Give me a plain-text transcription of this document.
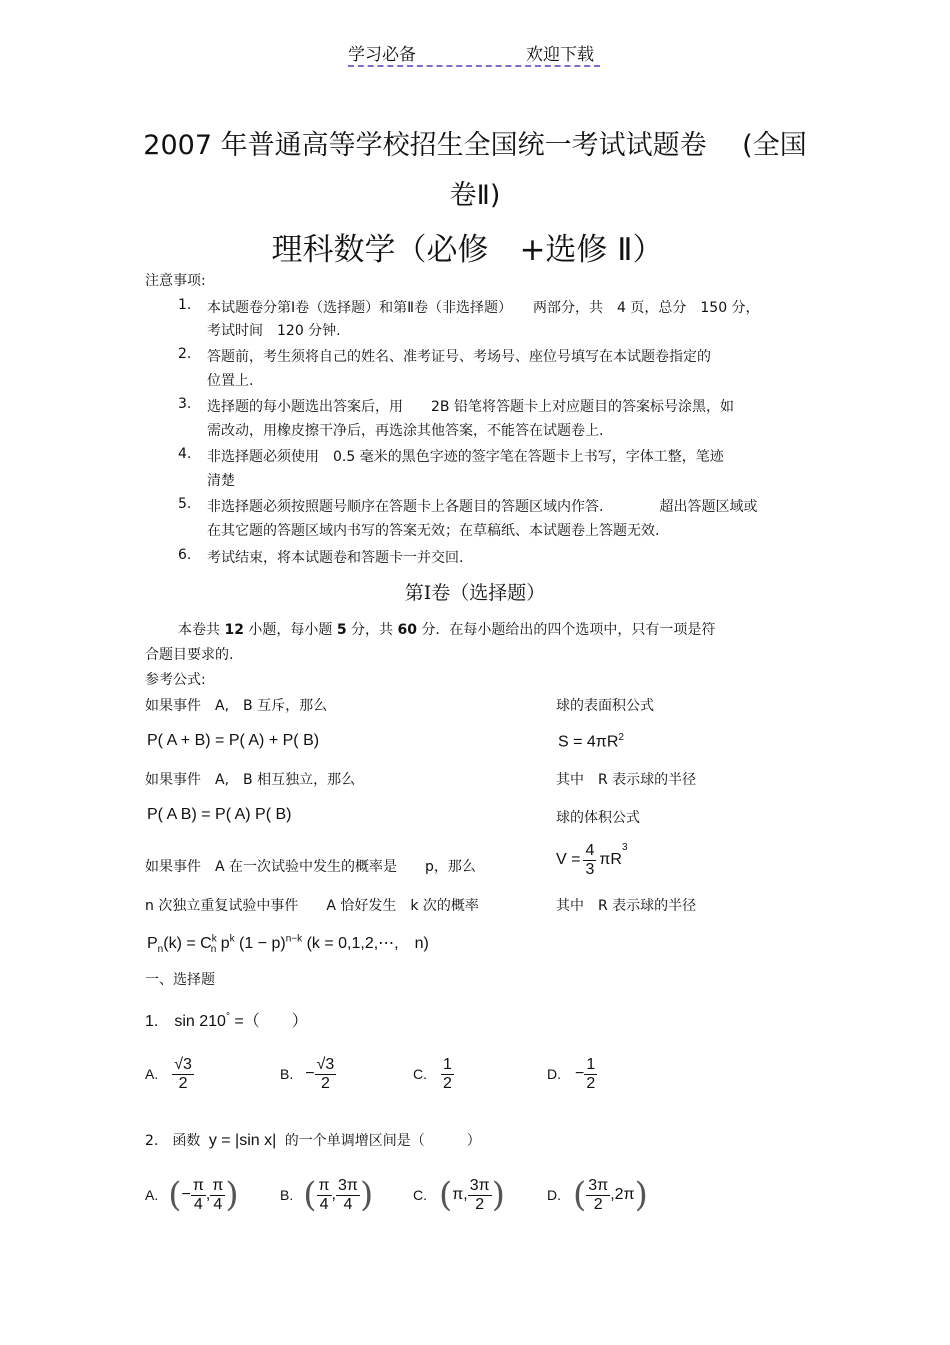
学习必备	欢迎下载
2007 年普通高等学校招生全国统一考试试题卷　 (全国
卷Ⅱ)
理科数学（必修　+选修 Ⅱ）
注意事项:
1. 本试题卷分第Ⅰ卷（选择题）和第Ⅱ卷（非选择题）　　两部分，共　4 页，总分　150 分，
考试时间　120 分钟.
2. 答题前，考生须将自己的姓名、准考证号、考场号、座位号填写在本试题卷指定的
位置上.
3. 选择题的每小题选出答案后，用　　2B 铅笔将答题卡上对应题目的答案标号涂黑，如
需改动，用橡皮擦干净后，再选涂其他答案，不能答在试题卷上.
4. 非选择题必须使用　0.5 毫米的黑色字迹的签字笔在答题卡上书写，字体工整，笔迹
清楚
5. 非选择题必须按照题号顺序在答题卡上各题目的答题区域内作答.　　　　超出答题区域或
在其它题的答题区域内书写的答案无效；在草稿纸、本试题卷上答题无效.
6. 考试结束，将本试题卷和答题卡一并交回.
第Ⅰ卷（选择题）
本卷共 12 小题，每小题 5 分，共 60 分．在每小题给出的四个选项中，只有一项是符
合题目要求的.
参考公式:
如果事件　A,　B 互斥，那么	球的表面积公式
P( A + B) = P( A) + P( B)	$S = 4\pi R^2$
如果事件　A,　B 相互独立，那么	其中　R 表示球的半径
P( A B) = P( A) P( B)	球的体积公式
如果事件　A 在一次试验中发生的概率是　　p，那么	$V = \frac{4}{3}$ πR
$^3$
n 次独立重复试验中事件　　A 恰好发生　k 次的概率	其中　R 表示球的半径
$P_n(k) = C^k_n$ $p^k$ $(1 - p)^{n-k}$ (k = 0,1,2,⋯,　n)
一、选择题
1.　sin 210° =（　　）
A. $\frac{√3}{2}$	B. − $\frac{√3}{2}$	C. $\frac{1}{2}$	D. − $\frac{1}{2}$
2.　函数 y = |sin x| 的一个单调增区间是（　　　）
A. ( − $\frac{\pi}{4}$ , $\frac{\pi}{4}$ )	B. ( $\frac{\pi}{4}$ , $\frac{3\pi}{4}$ )	C. ( π, $\frac{3\pi}{2}$ )	D. ( $\frac{3\pi}{2} ,2\pi$ )
